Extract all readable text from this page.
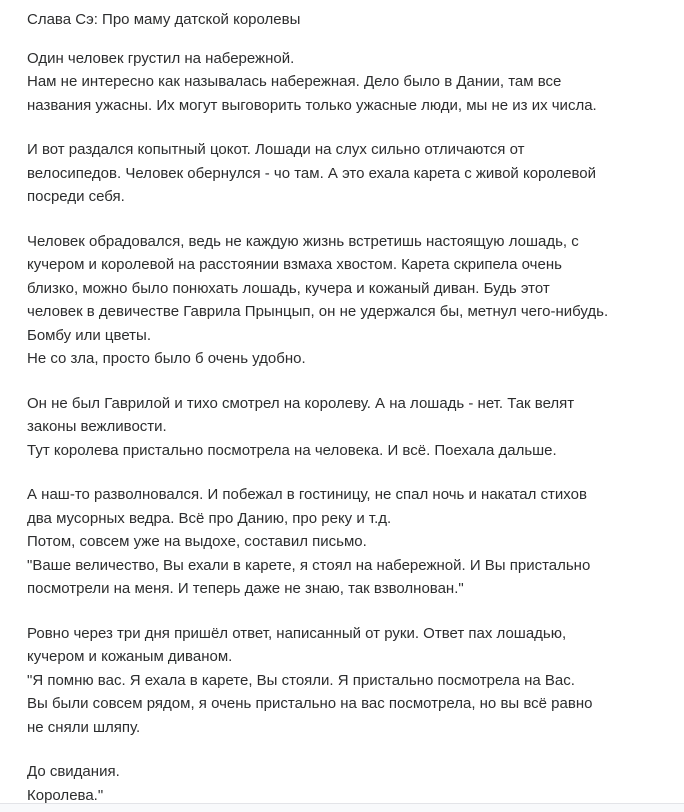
Слава Сэ: Про маму датской королевы

Один человек грустил на набережной.
Нам не интересно как называлась набережная. Дело было в Дании, там все
названия ужасны. Их могут выговорить только ужасные люди, мы не из их числа.

И вот раздался копытный цокот. Лошади на слух сильно отличаются от
велосипедов. Человек обернулся - чо там. А это ехала карета с живой королевой
посреди себя.

Человек обрадовался, ведь не каждую жизнь встретишь настоящую лошадь, с
кучером и королевой на расстоянии взмаха хвостом. Карета скрипела очень
близко, можно было понюхать лошадь, кучера и кожаный диван. Будь этот
человек в девичестве Гаврила Прынцып, он не удержался бы, метнул чего-нибудь.
Бомбу или цветы.
Не со зла, просто было б очень удобно.

Он не был Гаврилой и тихо смотрел на королеву. А на лошадь - нет. Так велят
законы вежливости.
Тут королева пристально посмотрела на человека. И всё. Поехала дальше.

А наш-то разволновался. И побежал в гостиницу, не спал ночь и накатал стихов
два мусорных ведра. Всё про Данию, про реку и т.д.
Потом, совсем уже на выдохе, составил письмо.
"Ваше величество, Вы ехали в карете, я стоял на набережной. И Вы пристально
посмотрели на меня. И теперь даже не знаю, так взволнован."

Ровно через три дня пришёл ответ, написанный от руки. Ответ пах лошадью,
кучером и кожаным диваном.
"Я помню вас. Я ехала в карете, Вы стояли. Я пристально посмотрела на Вас.
Вы были совсем рядом, я очень пристально на вас посмотрела, но вы всё равно
не сняли шляпу.

До свидания.
Королева."
